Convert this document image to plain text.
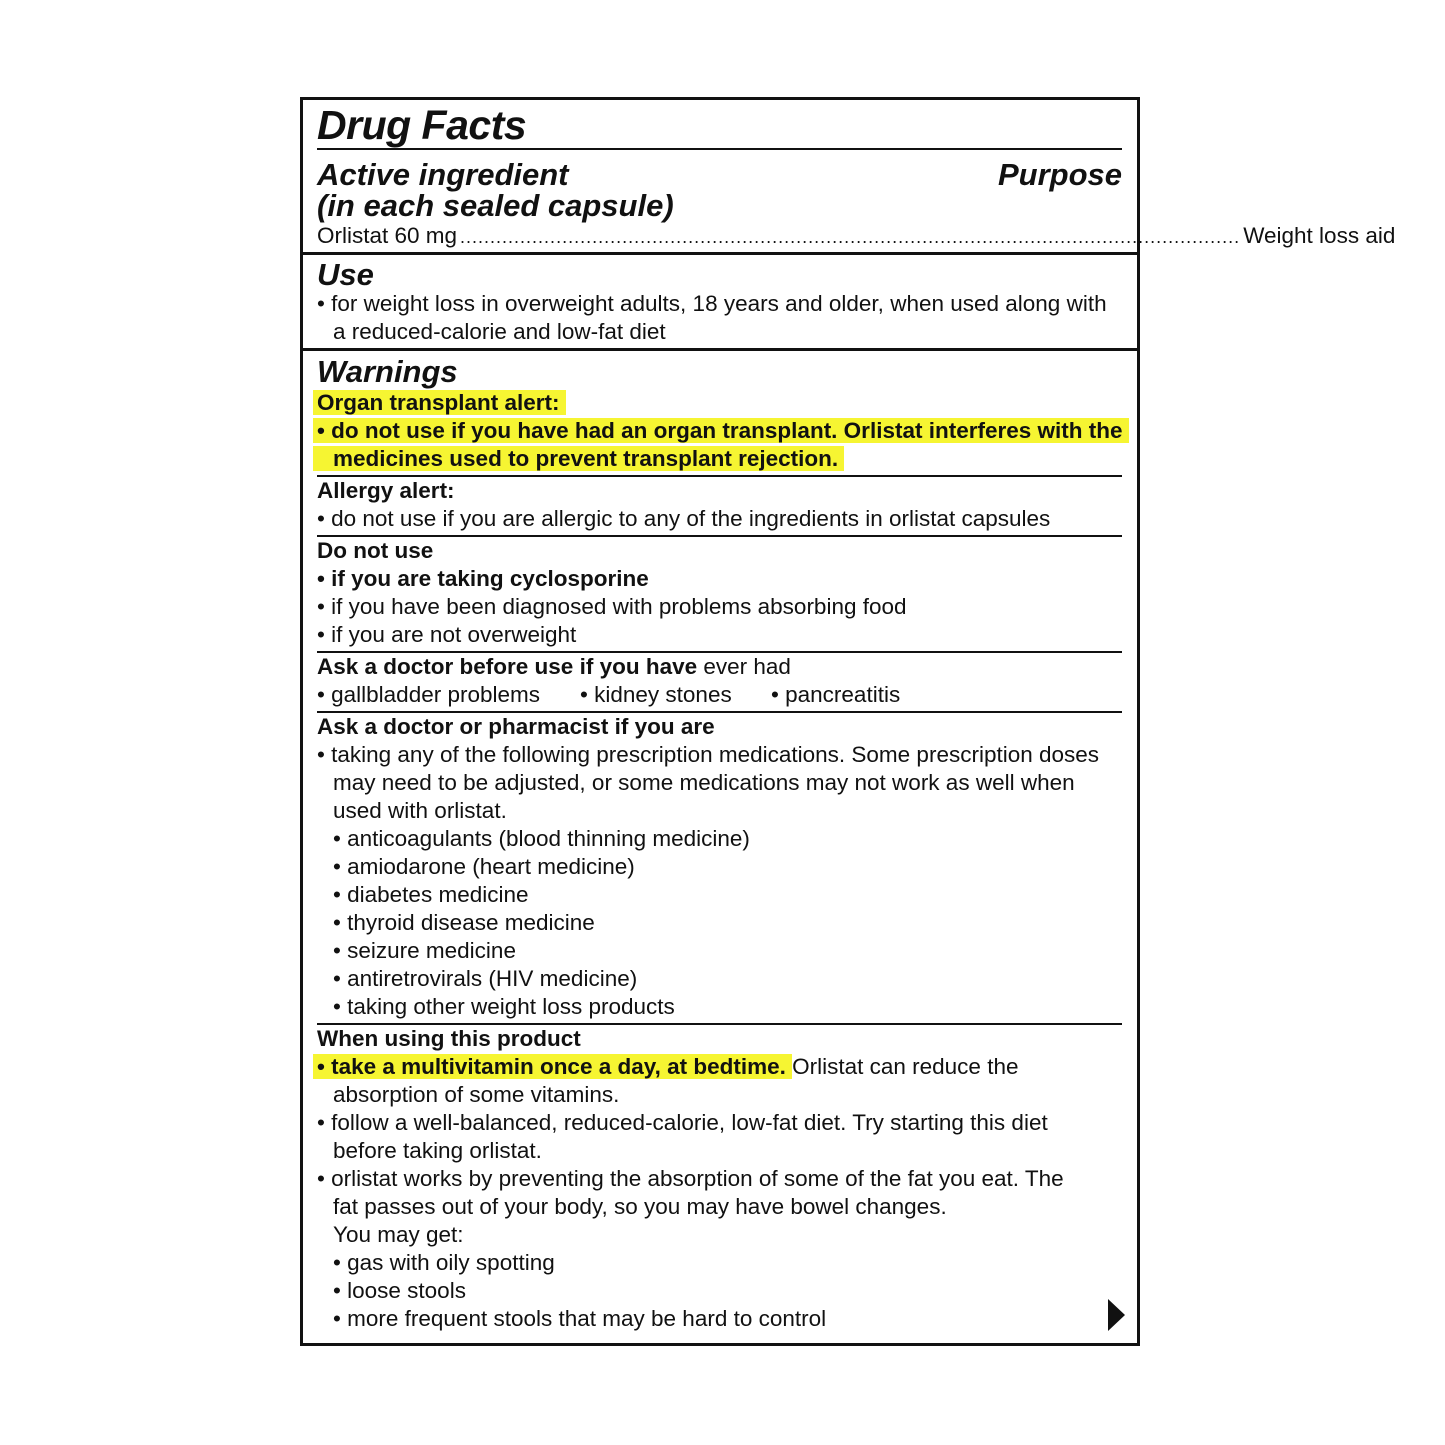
Drug Facts
Active ingredient	Purpose
(in each sealed capsule)
Orlistat 60 mg .................................................................................................................................. Weight loss aid
Use
• for weight loss in overweight adults, 18 years and older, when used along with
a reduced-calorie and low-fat diet
Warnings
Organ transplant alert:
• do not use if you have had an organ transplant. Orlistat interferes with the
medicines used to prevent transplant rejection.
Allergy alert:
• do not use if you are allergic to any of the ingredients in orlistat capsules
Do not use
• if you are taking cyclosporine
• if you have been diagnosed with problems absorbing food
• if you are not overweight
Ask a doctor before use if you have ever had
• gallbladder problems • kidney stones • pancreatitis
Ask a doctor or pharmacist if you are
• taking any of the following prescription medications. Some prescription doses
may need to be adjusted, or some medications may not work as well when
used with orlistat.
• anticoagulants (blood thinning medicine)
• amiodarone (heart medicine)
• diabetes medicine
• thyroid disease medicine
• seizure medicine
• antiretrovirals (HIV medicine)
• taking other weight loss products
When using this product
• take a multivitamin once a day, at bedtime. Orlistat can reduce the
absorption of some vitamins.
• follow a well-balanced, reduced-calorie, low-fat diet. Try starting this diet
before taking orlistat.
• orlistat works by preventing the absorption of some of the fat you eat. The
fat passes out of your body, so you may have bowel changes.
You may get:
• gas with oily spotting
• loose stools
• more frequent stools that may be hard to control
